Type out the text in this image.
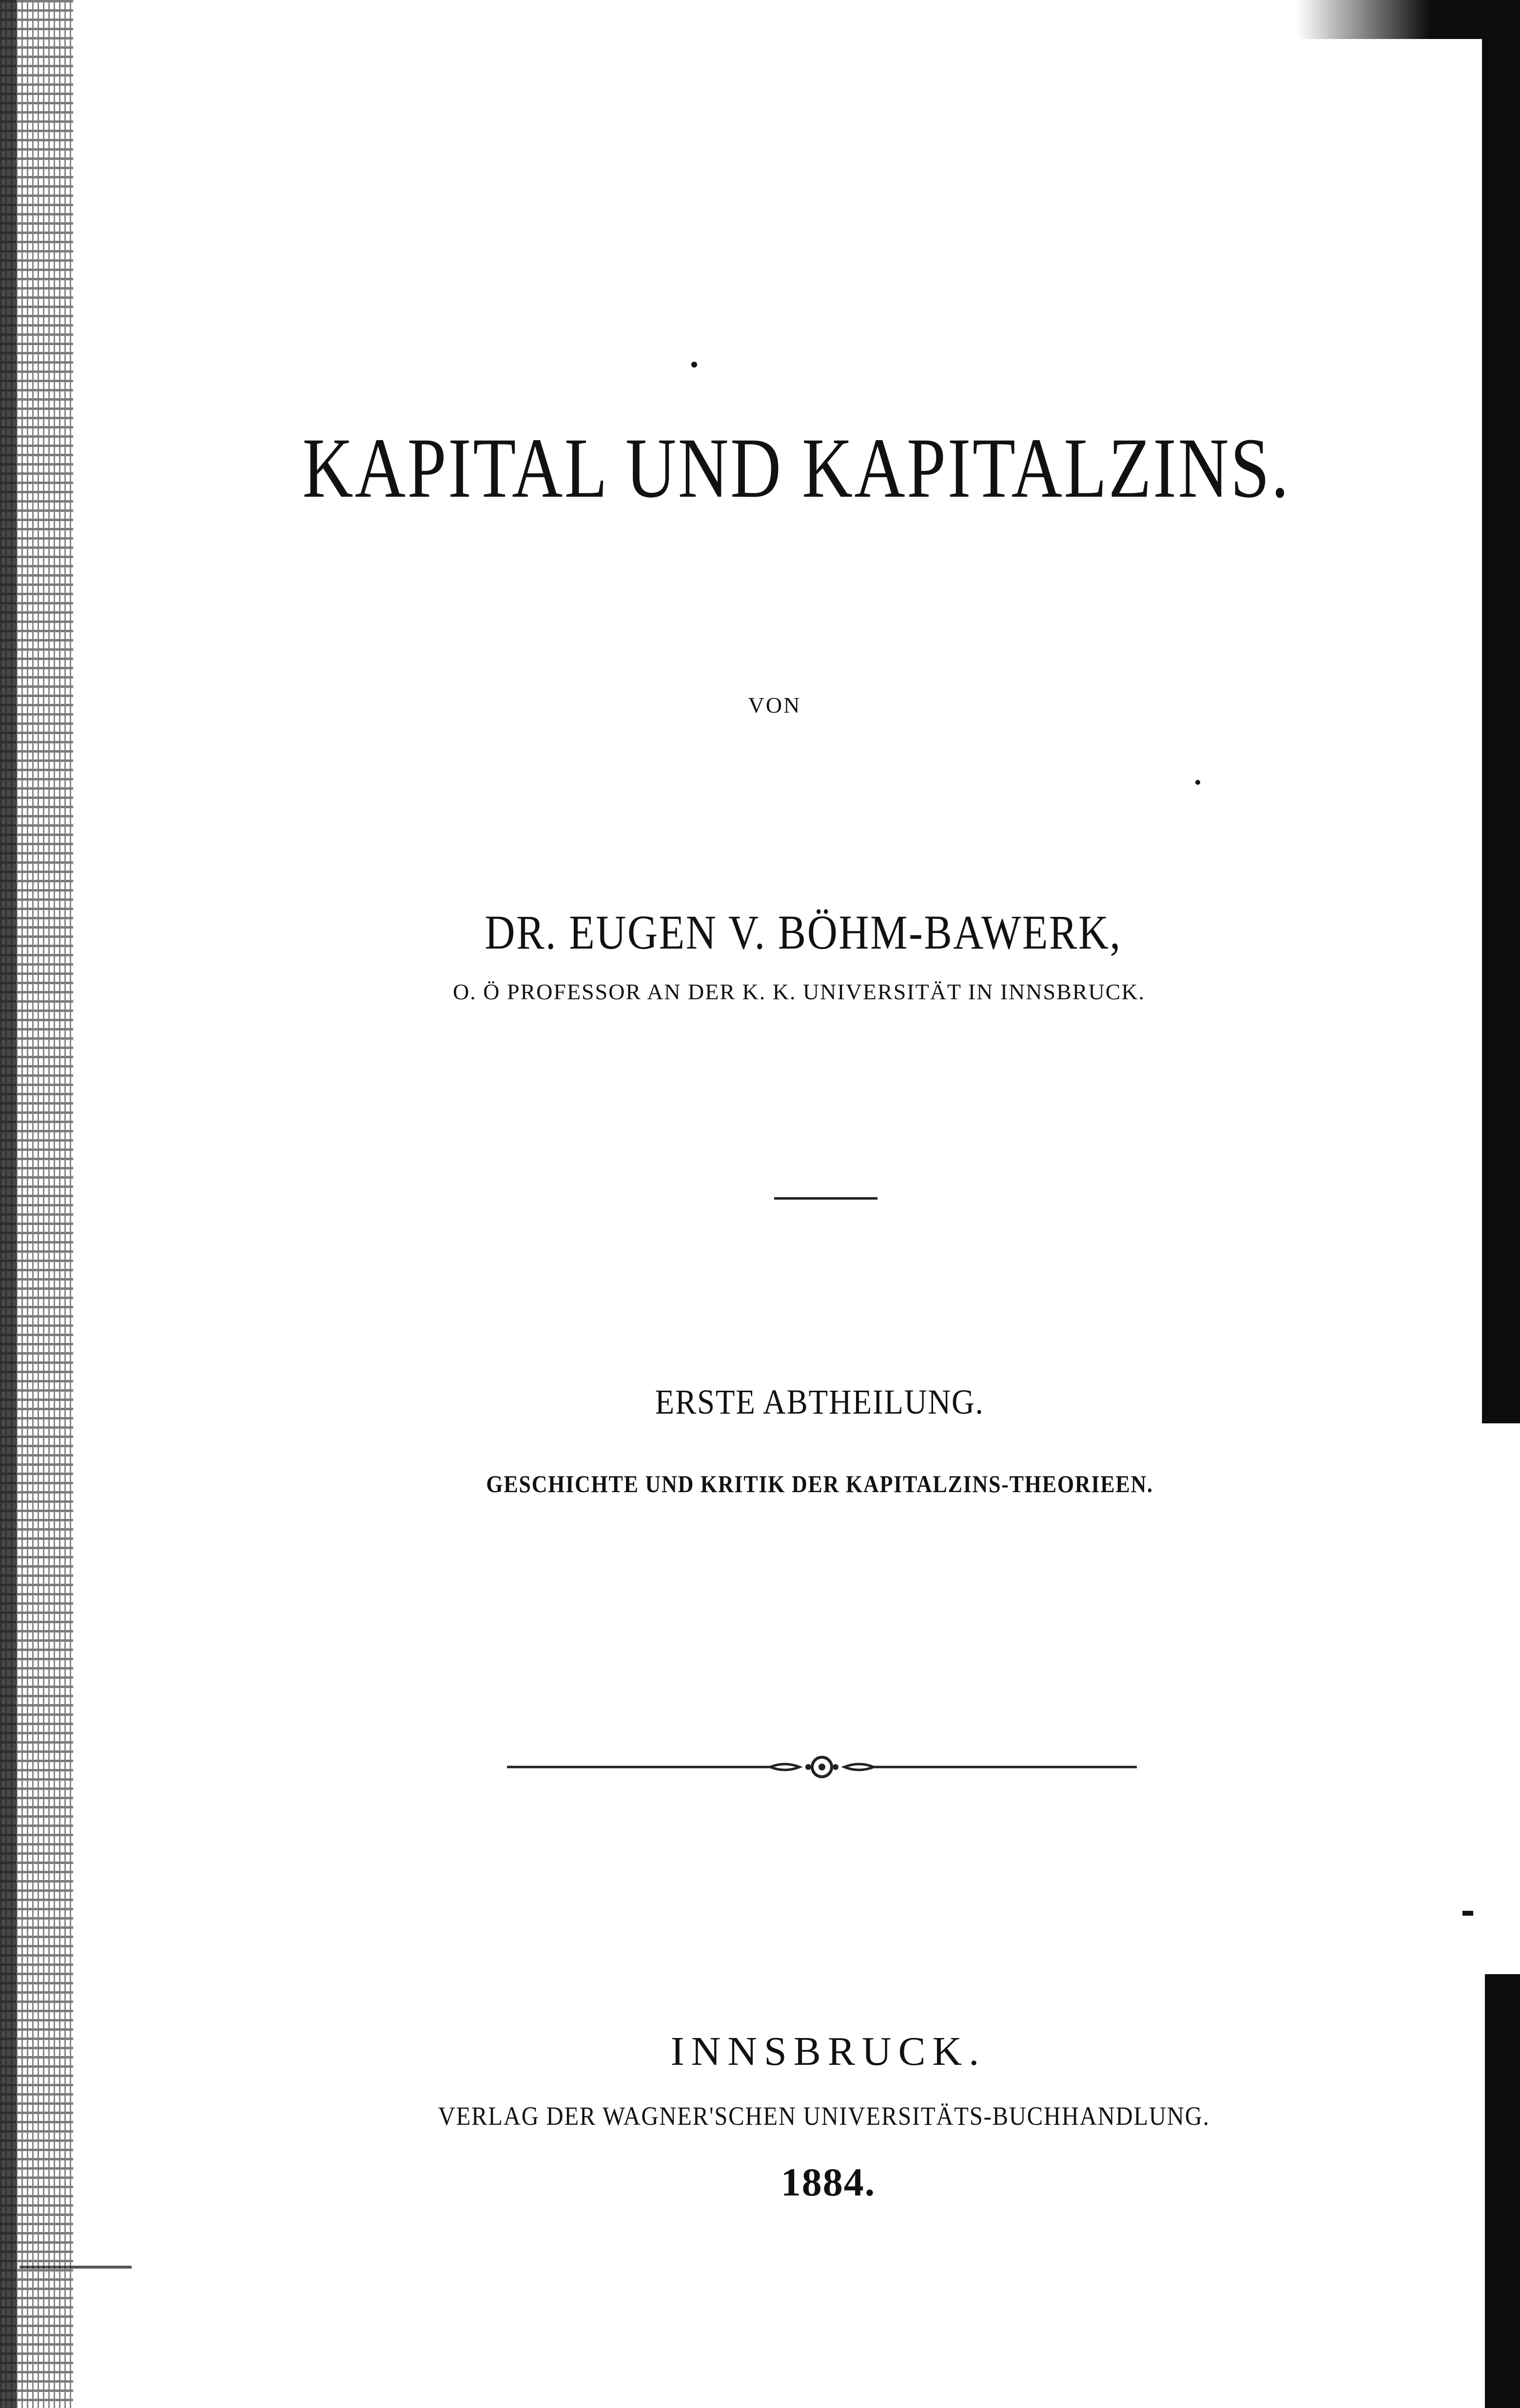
KAPITAL UND KAPITALZINS.
VON
DR. EUGEN V. BÖHM-BAWERK,
O. Ö PROFESSOR AN DER K. K. UNIVERSITÄT IN INNSBRUCK.
ERSTE ABTHEILUNG.
GESCHICHTE UND KRITIK DER KAPITALZINS-THEORIEEN.
INNSBRUCK.
VERLAG DER WAGNER'SCHEN UNIVERSITÄTS-BUCHHANDLUNG.
1884.
